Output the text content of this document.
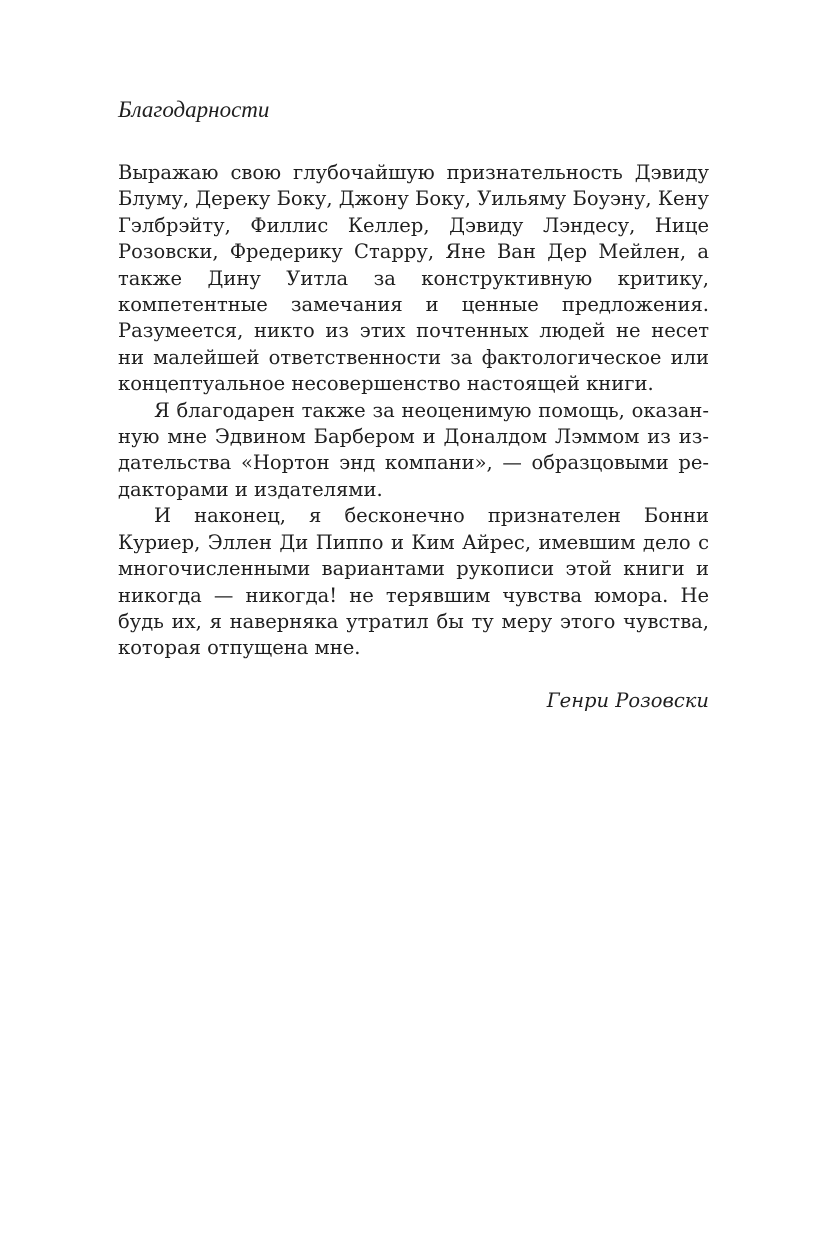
Благодарности

Выражаю свою глубочайшую признательность Дэвиду Блуму, Дереку Боку, Джону Боку, Уильяму Боуэну, Кену Гэлбрэйту, Филлис Келлер, Дэвиду Лэндесу, Нице Розовски, Фредерику Старру, Яне Ван Дер Мейлен, а также Дину Уитла за конструктивную критику, компетентные замечания и ценные предложения. Разумеется, никто из этих почтенных людей не несет ни малейшей ответственности за фактологическое или концептуальное несовершенство настоящей книги.

Я благодарен также за неоценимую помощь, оказанную мне Эдвином Барбером и Доналдом Лэммом из издательства «Нортон энд компани», — образцовыми редакторами и издателями.

И наконец, я бесконечно признателен Бонни Куриер, Эллен Ди Пиппо и Ким Айрес, имевшим дело с многочисленными вариантами рукописи этой книги и никогда — никогда! не терявшим чувства юмора. Не будь их, я наверняка утратил бы ту меру этого чувства, которая отпущена мне.

Генри Розовски
